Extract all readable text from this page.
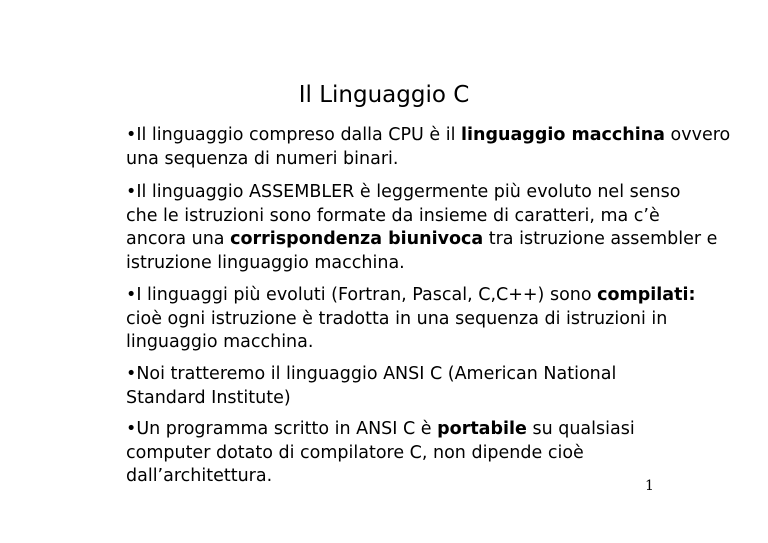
Il Linguaggio C
•Il linguaggio compreso dalla CPU è il linguaggio macchina ovvero
una sequenza di numeri binari.
•Il linguaggio ASSEMBLER è leggermente più evoluto nel senso
che le istruzioni sono formate da insieme di caratteri, ma c’è
ancora una corrispondenza biunivoca tra istruzione assembler e
istruzione linguaggio macchina.
•I linguaggi più evoluti (Fortran, Pascal, C,C++) sono compilati:
cioè ogni istruzione è tradotta in una sequenza di istruzioni in
linguaggio macchina.
•Noi tratteremo il linguaggio ANSI C (American National
Standard Institute)
•Un programma scritto in ANSI C è portabile su qualsiasi
computer dotato di compilatore C, non dipende cioè
dall’architettura.	1
